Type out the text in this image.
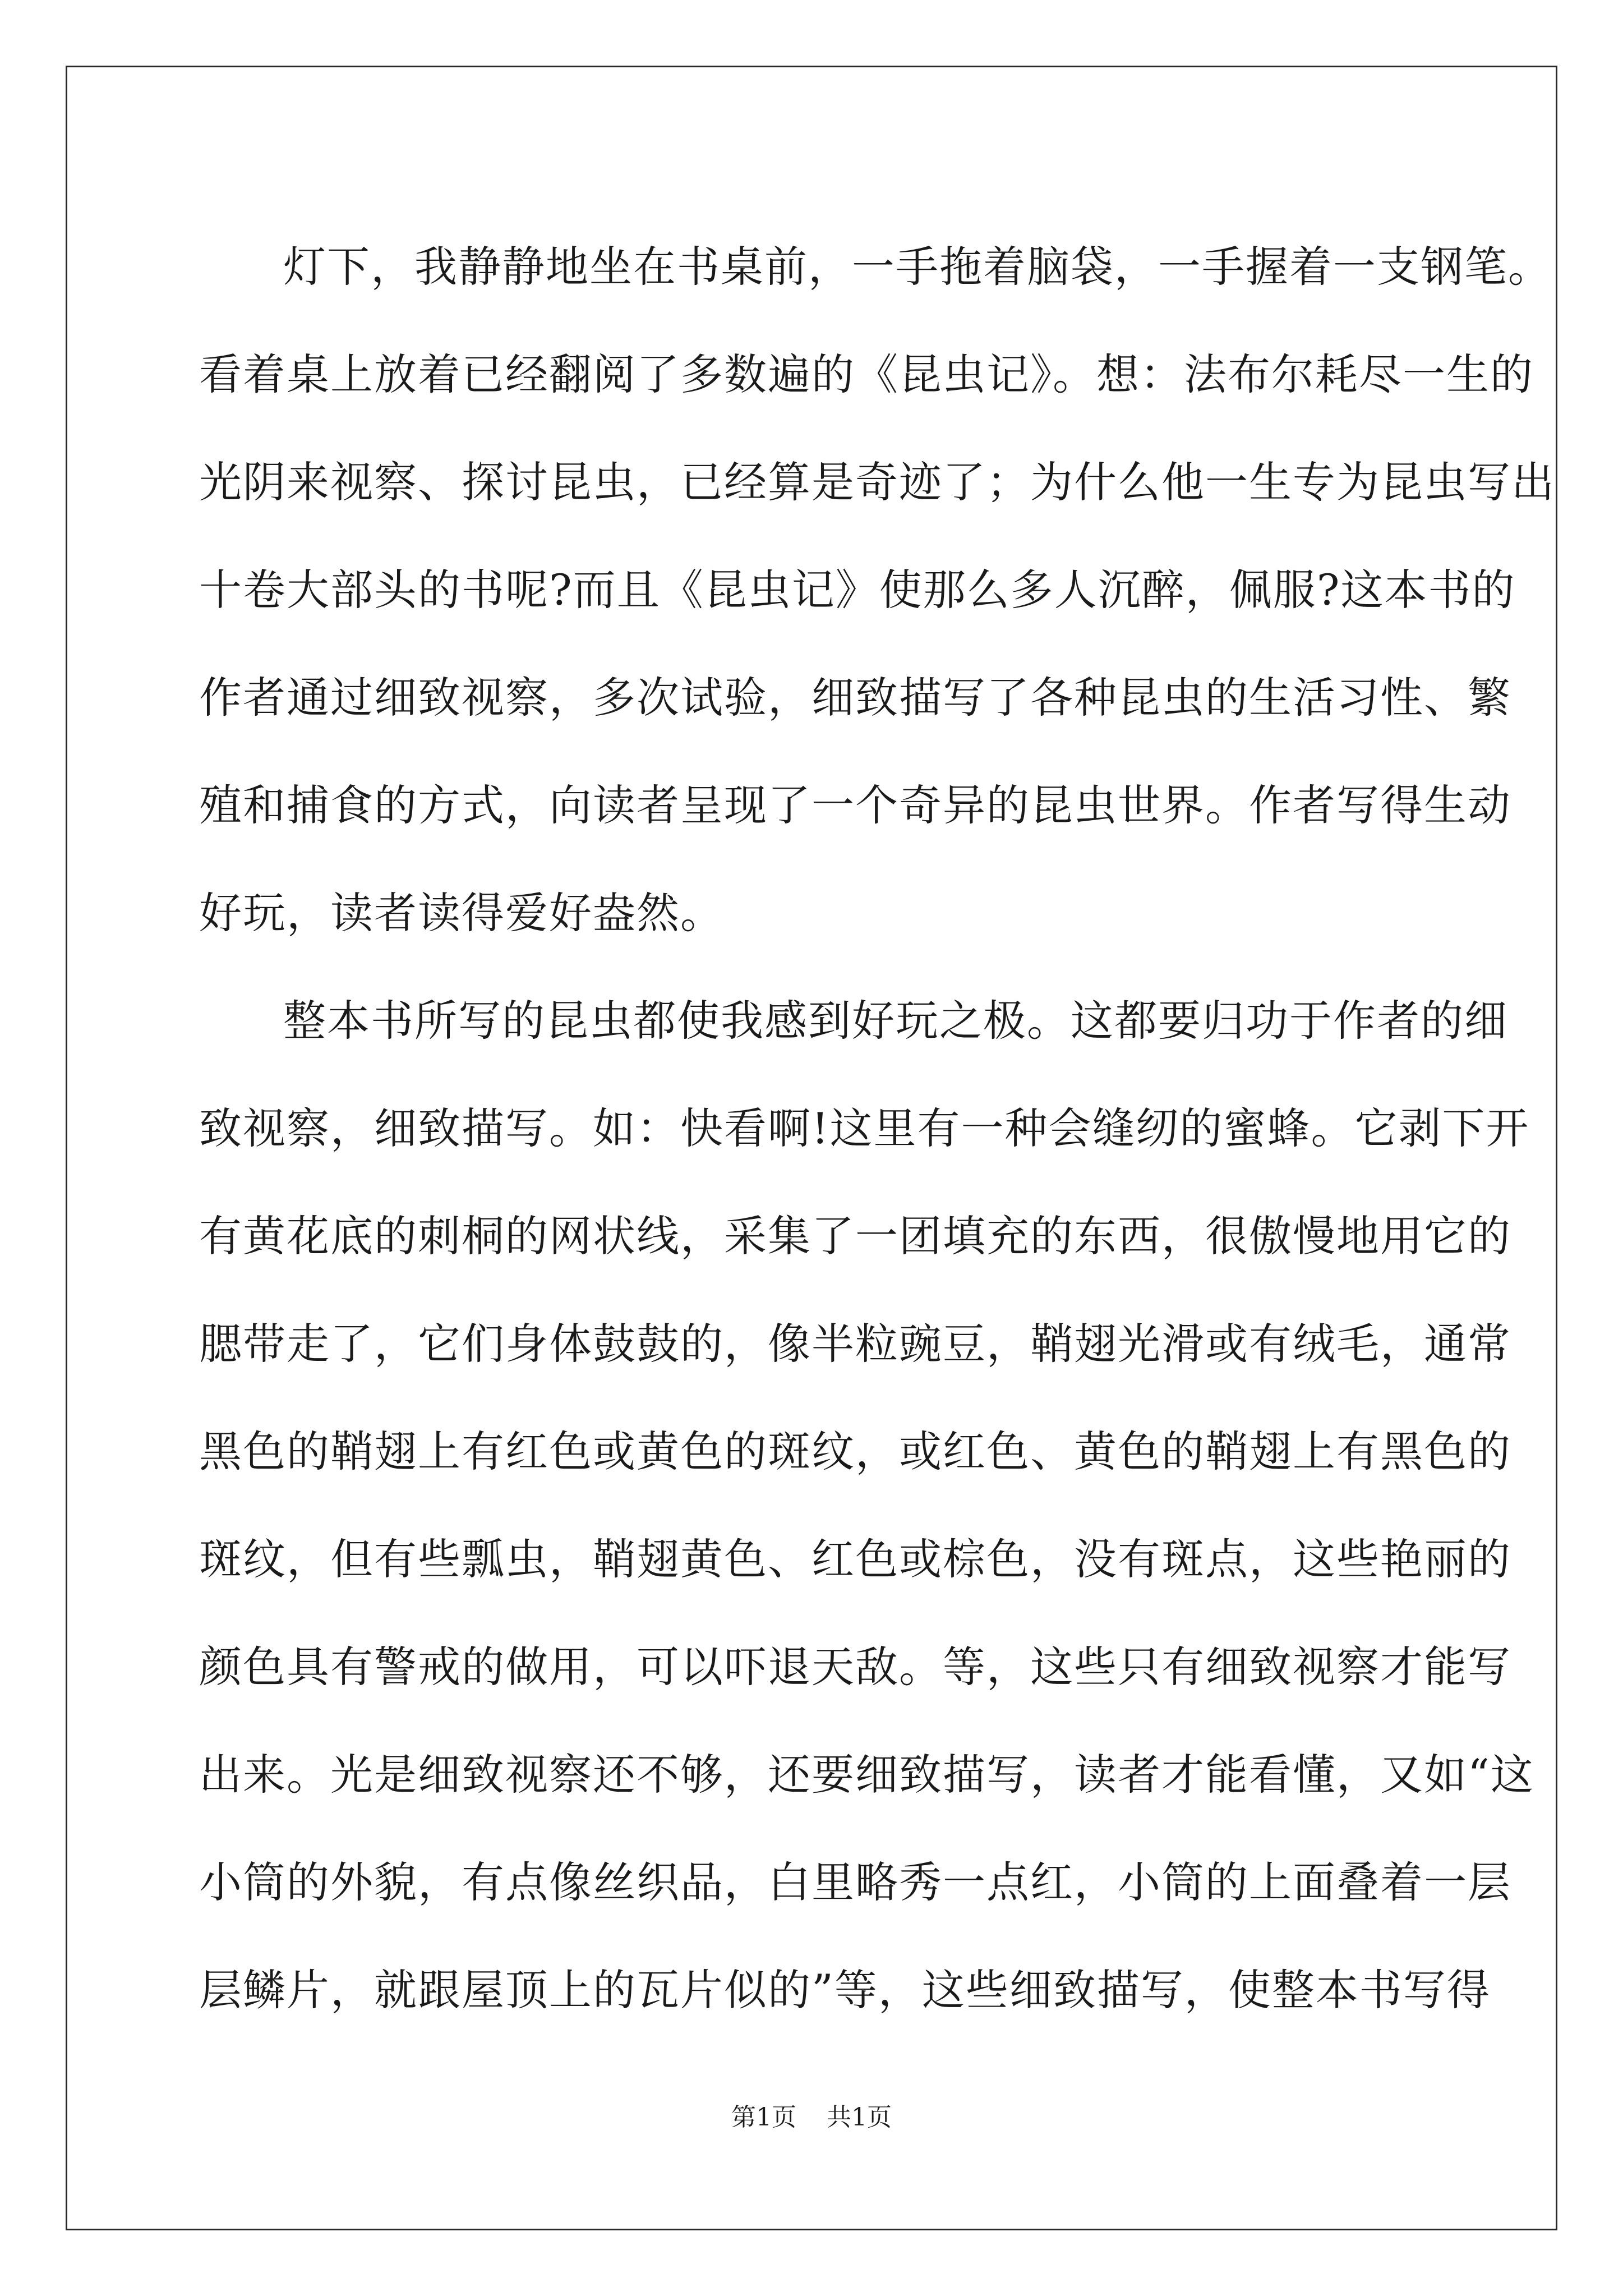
灯下，我静静地坐在书桌前，一手拖着脑袋，一手握着一支钢笔。
看着桌上放着已经翻阅了多数遍的《昆虫记》。想：法布尔耗尽一生的
光阴来视察、探讨昆虫，已经算是奇迹了；为什么他一生专为昆虫写出
十卷大部头的书呢?而且《昆虫记》使那么多人沉醉，佩服?这本书的
作者通过细致视察，多次试验，细致描写了各种昆虫的生活习性、繁
殖和捕食的方式，向读者呈现了一个奇异的昆虫世界。作者写得生动
好玩，读者读得爱好盎然。
整本书所写的昆虫都使我感到好玩之极。这都要归功于作者的细
致视察，细致描写。如：快看啊!这里有一种会缝纫的蜜蜂。它剥下开
有黄花底的刺桐的网状线，采集了一团填充的东西，很傲慢地用它的
腮带走了，它们身体鼓鼓的，像半粒豌豆，鞘翅光滑或有绒毛，通常
黑色的鞘翅上有红色或黄色的斑纹，或红色、黄色的鞘翅上有黑色的
斑纹，但有些瓢虫，鞘翅黄色、红色或棕色，没有斑点，这些艳丽的
颜色具有警戒的做用，可以吓退天敌。等，这些只有细致视察才能写
出来。光是细致视察还不够，还要细致描写，读者才能看懂，又如“这
小筒的外貌，有点像丝织品，白里略秀一点红，小筒的上面叠着一层
层鳞片，就跟屋顶上的瓦片似的”等，这些细致描写，使整本书写得
第1页 共1页
